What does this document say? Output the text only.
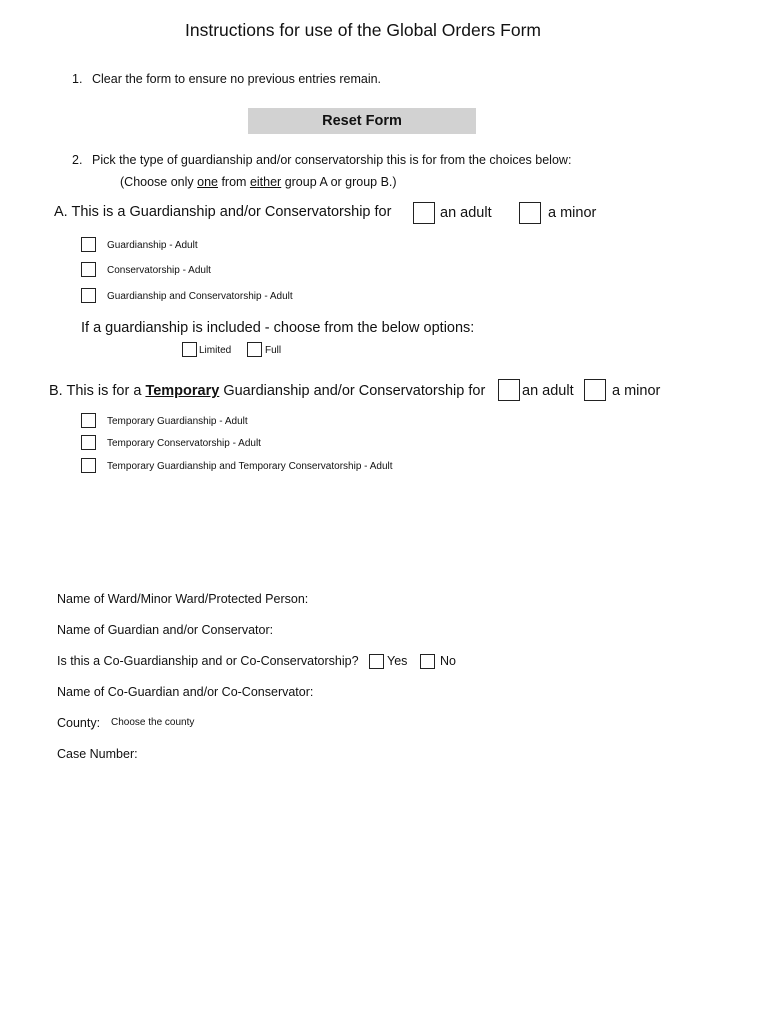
Instructions for use of the Global Orders Form
1. Clear the form to ensure no previous entries remain.
Reset Form
2. Pick the type of guardianship and/or conservatorship this is for from the choices below:
(Choose only one from either group A or group B.)
A. This is a Guardianship and/or Conservatorship for	an adult	a minor
Guardianship - Adult
Conservatorship - Adult
Guardianship and Conservatorship - Adult
If a guardianship is included - choose from the below options:
Limited	Full
B. This is for a Temporary Guardianship and/or Conservatorship for	an adult	a minor
Temporary Guardianship - Adult
Temporary Conservatorship - Adult
Temporary Guardianship and Temporary Conservatorship - Adult
Name of Ward/Minor Ward/Protected Person:
Name of Guardian and/or Conservator:
Is this a Co-Guardianship and or Co-Conservatorship? Yes	No
Name of Co-Guardian and/or Co-Conservator:
County: Choose the county
Case Number:
